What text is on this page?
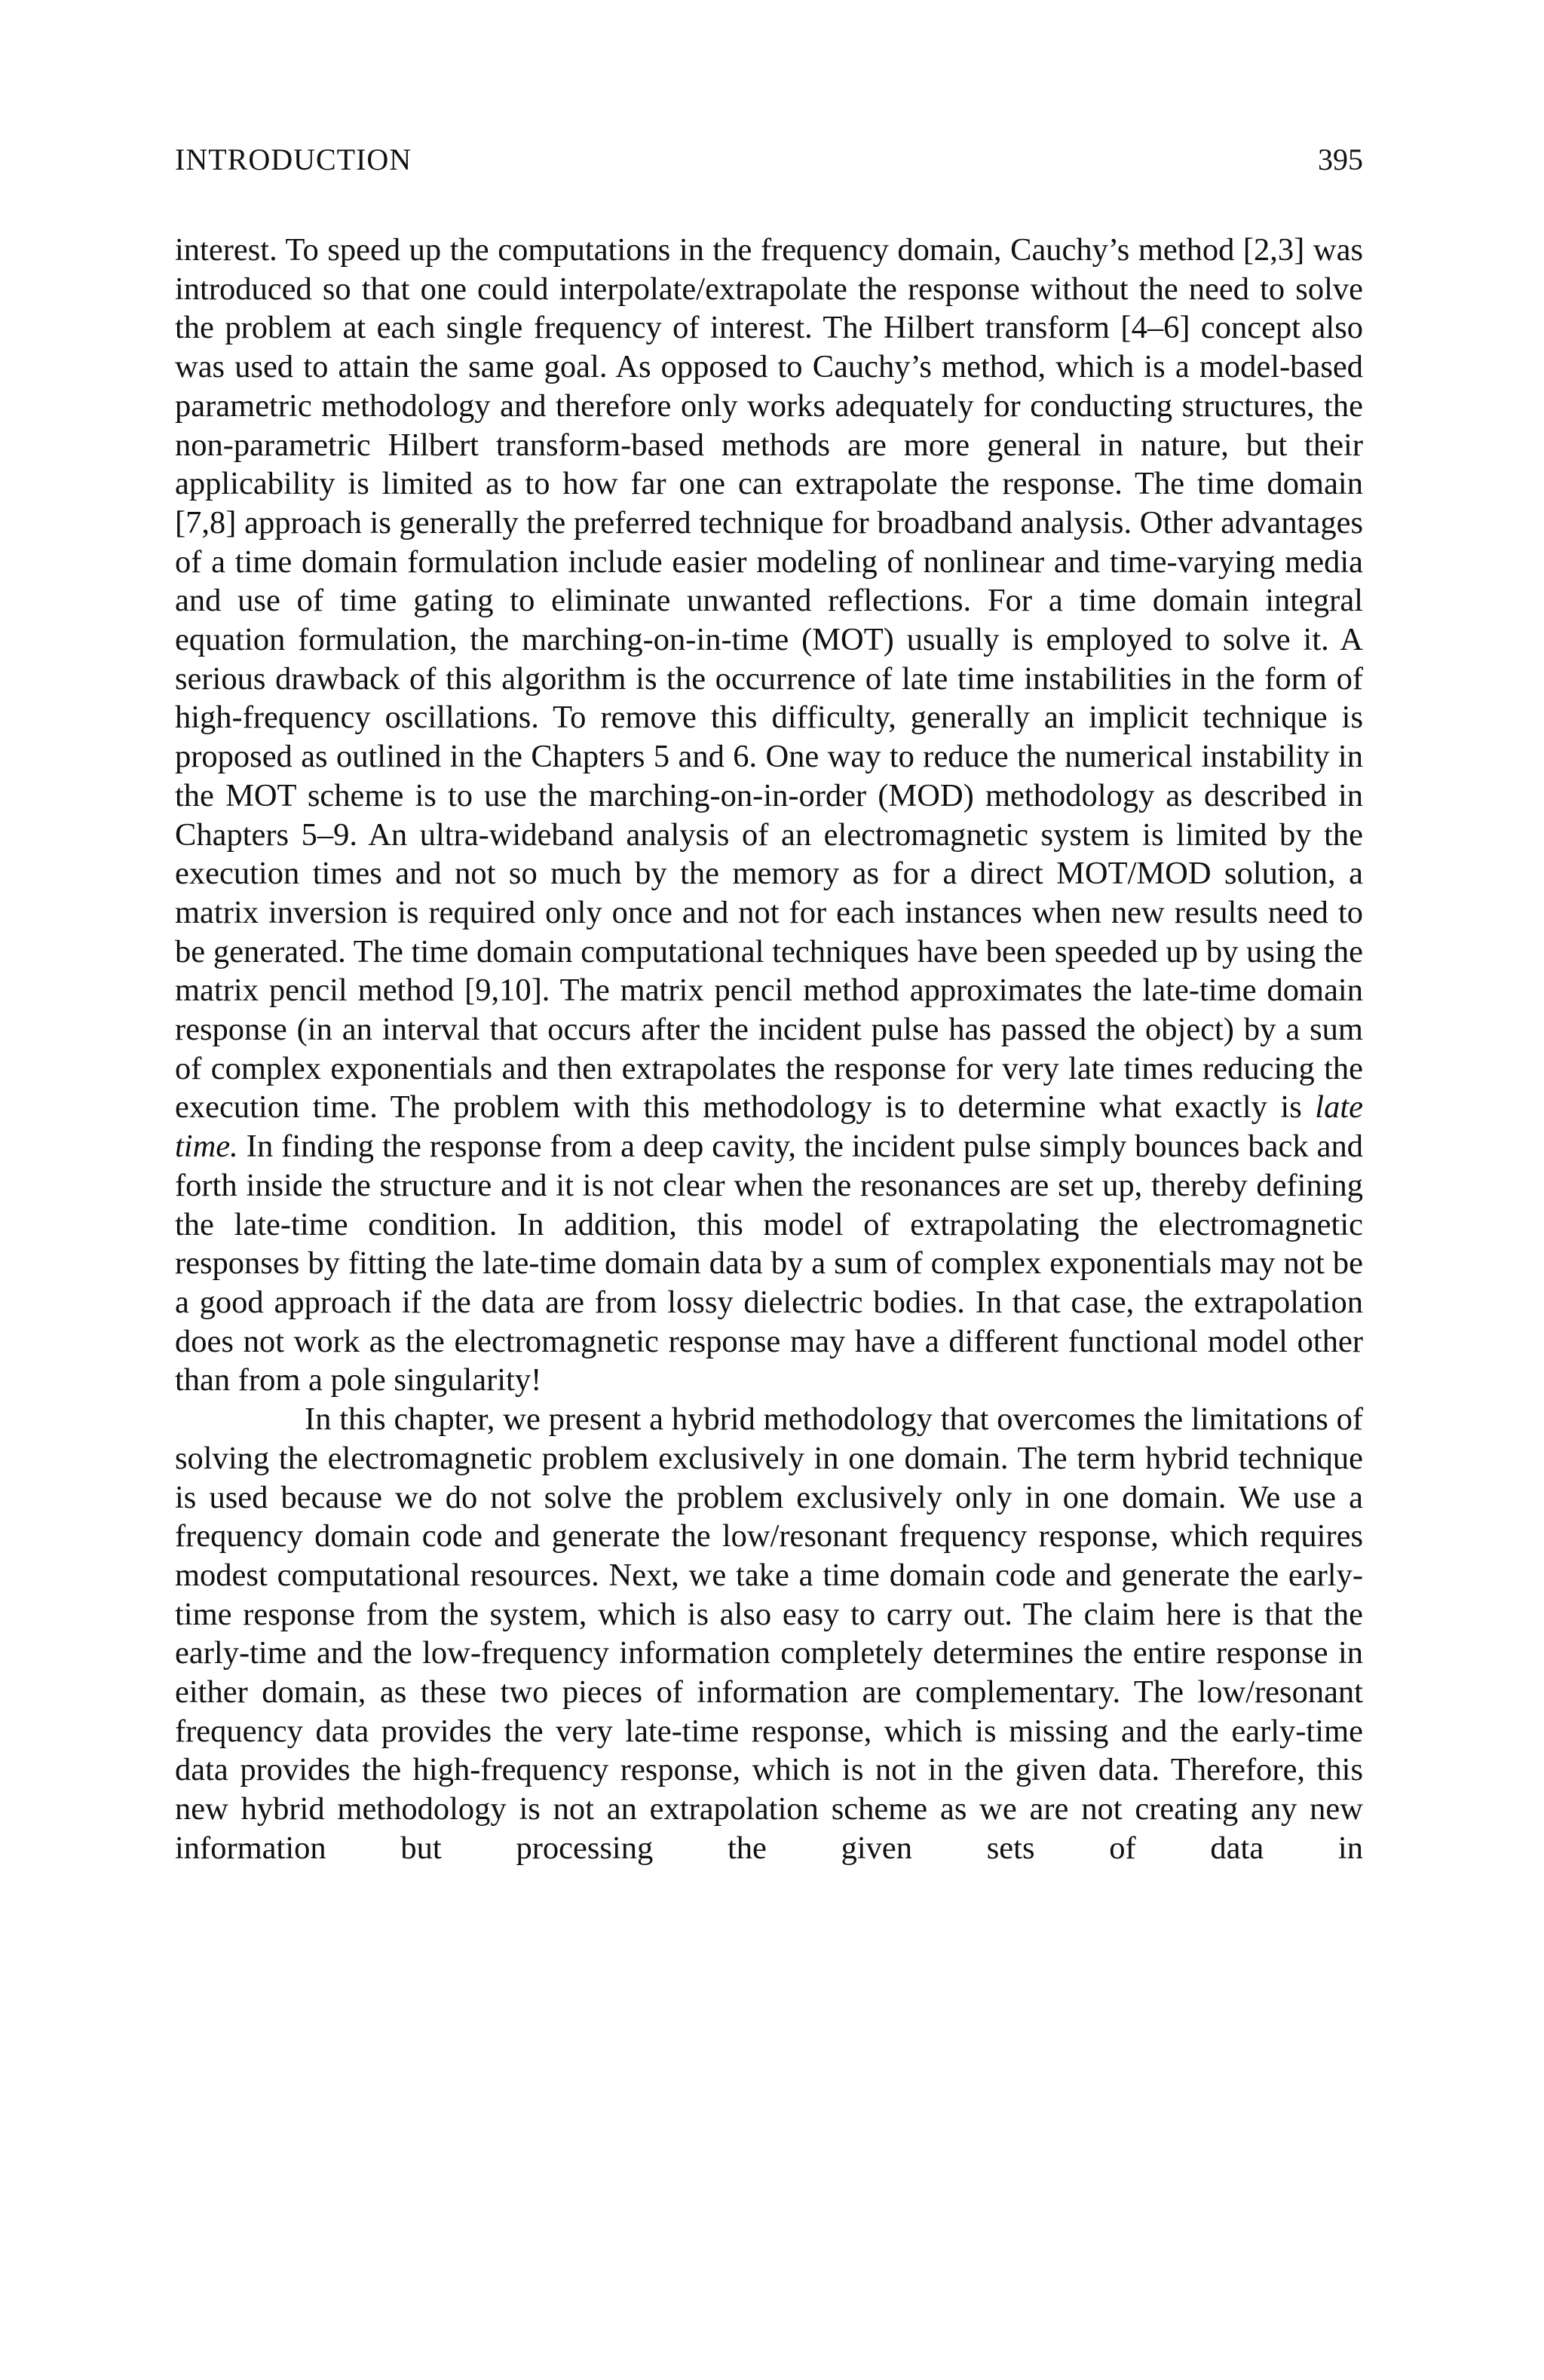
INTRODUCTION	395

interest. To speed up the computations in the frequency domain, Cauchy’s method [2,3] was introduced so that one could interpolate/extrapolate the response without the need to solve the problem at each single frequency of interest. The Hilbert transform [4–6] concept also was used to attain the same goal. As opposed to Cauchy’s method, which is a model-based parametric methodology and therefore only works adequately for conducting structures, the non-parametric Hilbert transform-based methods are more general in nature, but their applicability is limited as to how far one can extrapolate the response. The time domain [7,8] approach is generally the preferred technique for broadband analysis. Other advantages of a time domain formulation include easier modeling of nonlinear and time-varying media and use of time gating to eliminate unwanted reflections. For a time domain integral equation formulation, the marching-on-in-time (MOT) usually is employed to solve it. A serious drawback of this algorithm is the occurrence of late time instabilities in the form of high-frequency oscillations. To remove this difficulty, generally an implicit technique is proposed as outlined in the Chapters 5 and 6. One way to reduce the numerical instability in the MOT scheme is to use the marching-on-in-order (MOD) methodology as described in Chapters 5–9. An ultra-wideband analysis of an electromagnetic system is limited by the execution times and not so much by the memory as for a direct MOT/MOD solution, a matrix inversion is required only once and not for each instances when new results need to be generated. The time domain computational techniques have been speeded up by using the matrix pencil method [9,10]. The matrix pencil method approximates the late-time domain response (in an interval that occurs after the incident pulse has passed the object) by a sum of complex exponentials and then extrapolates the response for very late times reducing the execution time. The problem with this methodology is to determine what exactly is late time. In finding the response from a deep cavity, the incident pulse simply bounces back and forth inside the structure and it is not clear when the resonances are set up, thereby defining the late-time condition. In addition, this model of extrapolating the electromagnetic responses by fitting the late-time domain data by a sum of complex exponentials may not be a good approach if the data are from lossy dielectric bodies. In that case, the extrapolation does not work as the electromagnetic response may have a different functional model other than from a pole singularity!

In this chapter, we present a hybrid methodology that overcomes the limitations of solving the electromagnetic problem exclusively in one domain. The term hybrid technique is used because we do not solve the problem exclusively only in one domain. We use a frequency domain code and generate the low/resonant frequency response, which requires modest computational resources. Next, we take a time domain code and generate the early-time response from the system, which is also easy to carry out. The claim here is that the early-time and the low-frequency information completely determines the entire response in either domain, as these two pieces of information are complementary. The low/resonant frequency data provides the very late-time response, which is missing and the early-time data provides the high-frequency response, which is not in the given data. Therefore, this new hybrid methodology is not an extrapolation scheme as we are not creating any new information but processing the given sets of data in
